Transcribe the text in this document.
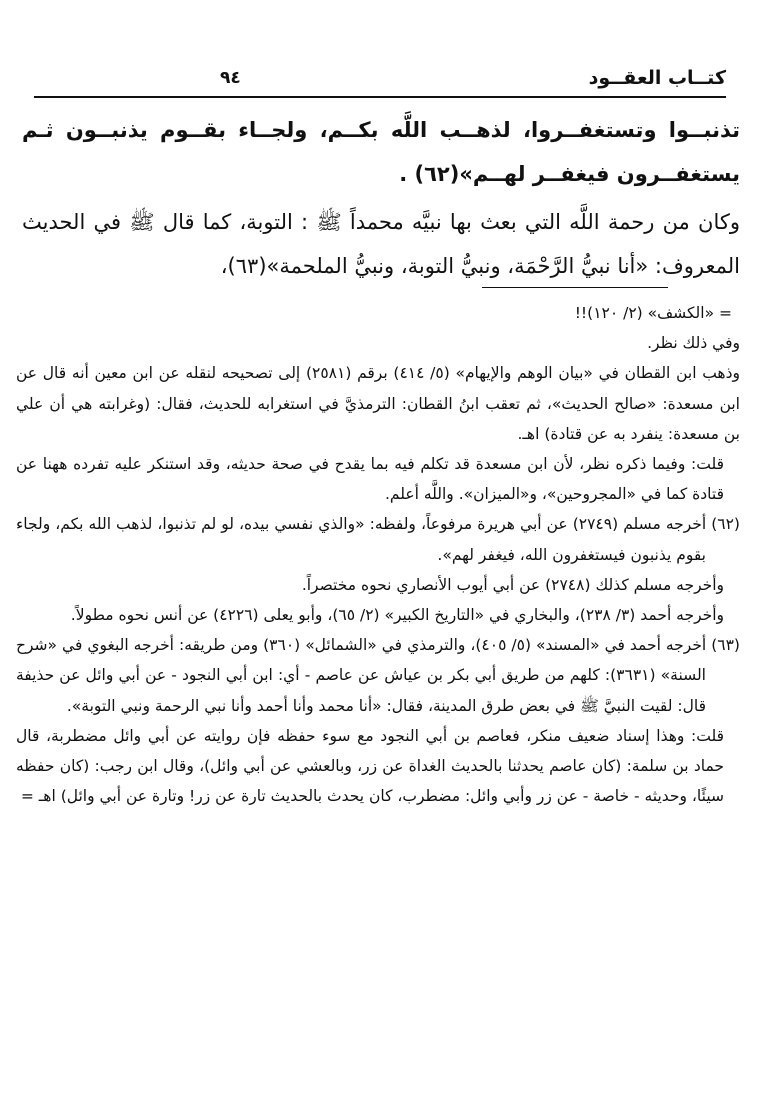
كتــاب العقــود
٩٤

تذنبــوا وتستغفــروا، لذهــب اللَّه بكــم، ولجــاء بقــوم يذنبــون ثـم يستغفــرون فيغفــر لهــم»(٦٢) .

وكان من رحمة اللَّه التي بعث بها نبيَّه محمداً ﷺ : التوبة، كما قال ﷺ في الحديث المعروف: «أنا نبيُّ الرَّحْمَة، ونبيُّ التوبة، ونبيُّ الملحمة»(٦٣)،

= «الكشف» (٢/ ١٢٠)!!

وفي ذلك نظر.

وذهب ابن القطان في «بيان الوهم والإيهام» (٥/ ٤١٤) برقم (٢٥٨١) إلى تصحيحه لنقله عن ابن معين أنه قال عن ابن مسعدة: «صالح الحديث»، ثم تعقب ابنُ القطان: الترمذيَّ في استغرابه للحديث، فقال: (وغرابته هي أن علي بن مسعدة: ينفرد به عن قتادة) اهـ.

قلت: وفيما ذكره نظر، لأن ابن مسعدة قد تكلم فيه بما يقدح في صحة حديثه، وقد استنكر عليه تفرده ههنا عن قتادة كما في «المجروحين»، و«الميزان». واللَّه أعلم.

(٦٢) أخرجه مسلم (٢٧٤٩) عن أبي هريرة مرفوعاً، ولفظه: «والذي نفسي بيده، لو لم تذنبوا، لذهب الله بكم، ولجاء بقوم يذنبون فيستغفرون الله، فيغفر لهم».

وأخرجه مسلم كذلك (٢٧٤٨) عن أبي أيوب الأنصاري نحوه مختصراً.

وأخرجه أحمد (٣/ ٢٣٨)، والبخاري في «التاريخ الكبير» (٢/ ٦٥)، وأبو يعلى (٤٢٢٦) عن أنس نحوه مطولاً.

(٦٣) أخرجه أحمد في «المسند» (٥/ ٤٠٥)، والترمذي في «الشمائل» (٣٦٠) ومن طريقه: أخرجه البغوي في «شرح السنة» (٣٦٣١): كلهم من طريق أبي بكر بن عياش عن عاصم - أي: ابن أبي النجود - عن أبي وائل عن حذيفة قال: لقيت النبيَّ ﷺ في بعض طرق المدينة، فقال: «أنا محمد وأنا أحمد وأنا نبي الرحمة ونبي التوبة».

قلت: وهذا إسناد ضعيف منكر، فعاصم بن أبي النجود مع سوء حفظه فإن روايته عن أبي وائل مضطربة، قال حماد بن سلمة: (كان عاصم يحدثنا بالحديث الغداة عن زر، وبالعشي عن أبي وائل)، وقال ابن رجب: (كان حفظه سيئًا، وحديثه - خاصة - عن زر وأبي وائل: مضطرب، كان يحدث بالحديث تارة عن زر! وتارة عن أبي وائل) اهـ =
